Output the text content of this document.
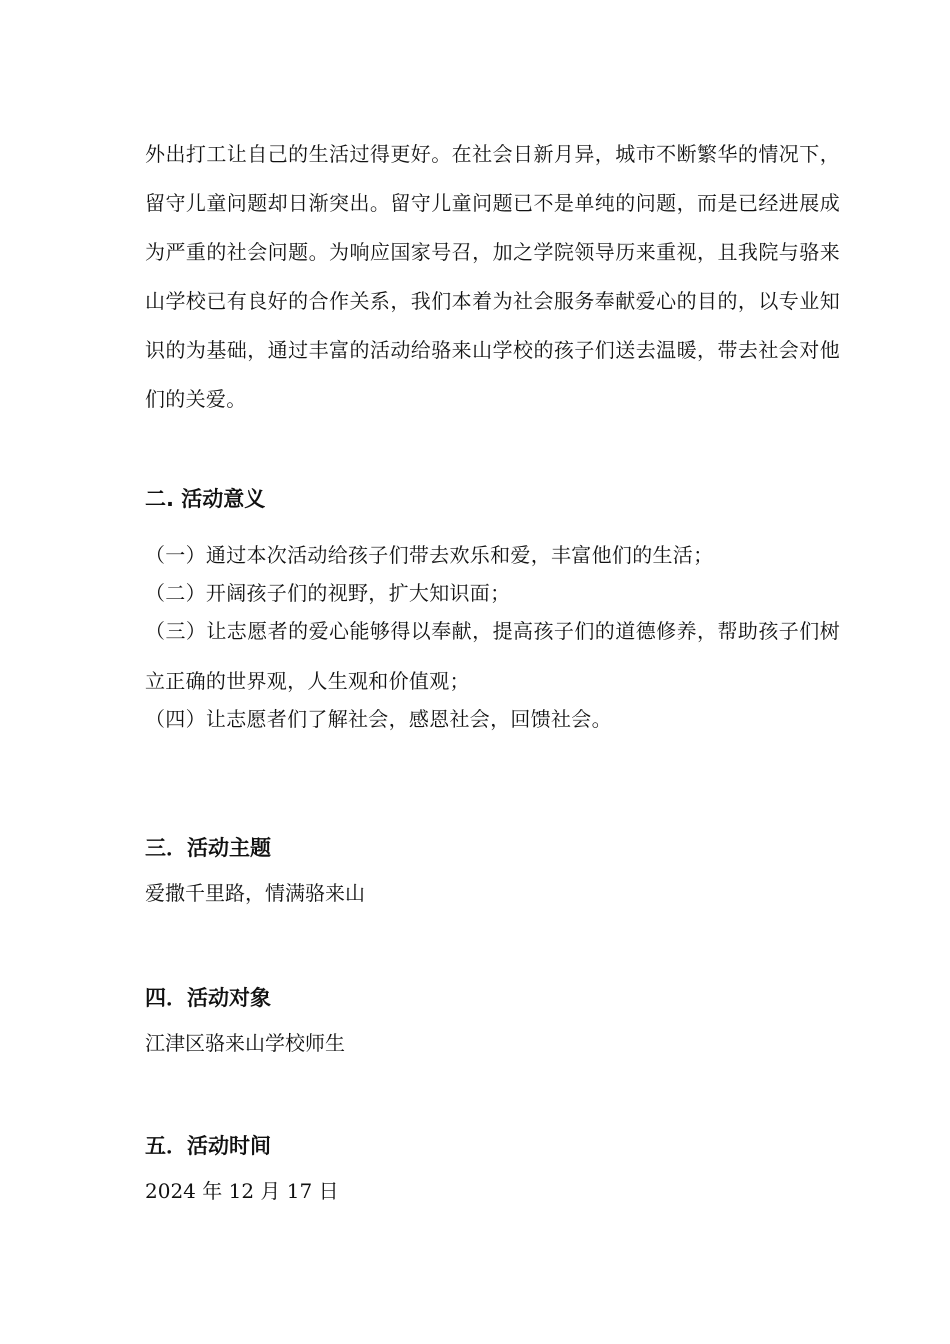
外出打工让自己的生活过得更好。在社会日新月异，城市不断繁华的情况下，留守儿童问题却日渐突出。留守儿童问题已不是单纯的问题，而是已经进展成为严重的社会问题。为响应国家号召，加之学院领导历来重视，且我院与骆来山学校已有良好的合作关系，我们本着为社会服务奉献爱心的目的，以专业知识的为基础，通过丰富的活动给骆来山学校的孩子们送去温暖，带去社会对他们的关爱。

二. 活动意义

（一）通过本次活动给孩子们带去欢乐和爱，丰富他们的生活；

（二）开阔孩子们的视野，扩大知识面；

（三）让志愿者的爱心能够得以奉献，提高孩子们的道德修养，帮助孩子们树立正确的世界观，人生观和价值观；

（四）让志愿者们了解社会，感恩社会，回馈社会。

三．活动主题

爱撒千里路，情满骆来山

四．活动对象

江津区骆来山学校师生

五．活动时间

2024 年 12 月 17 日
